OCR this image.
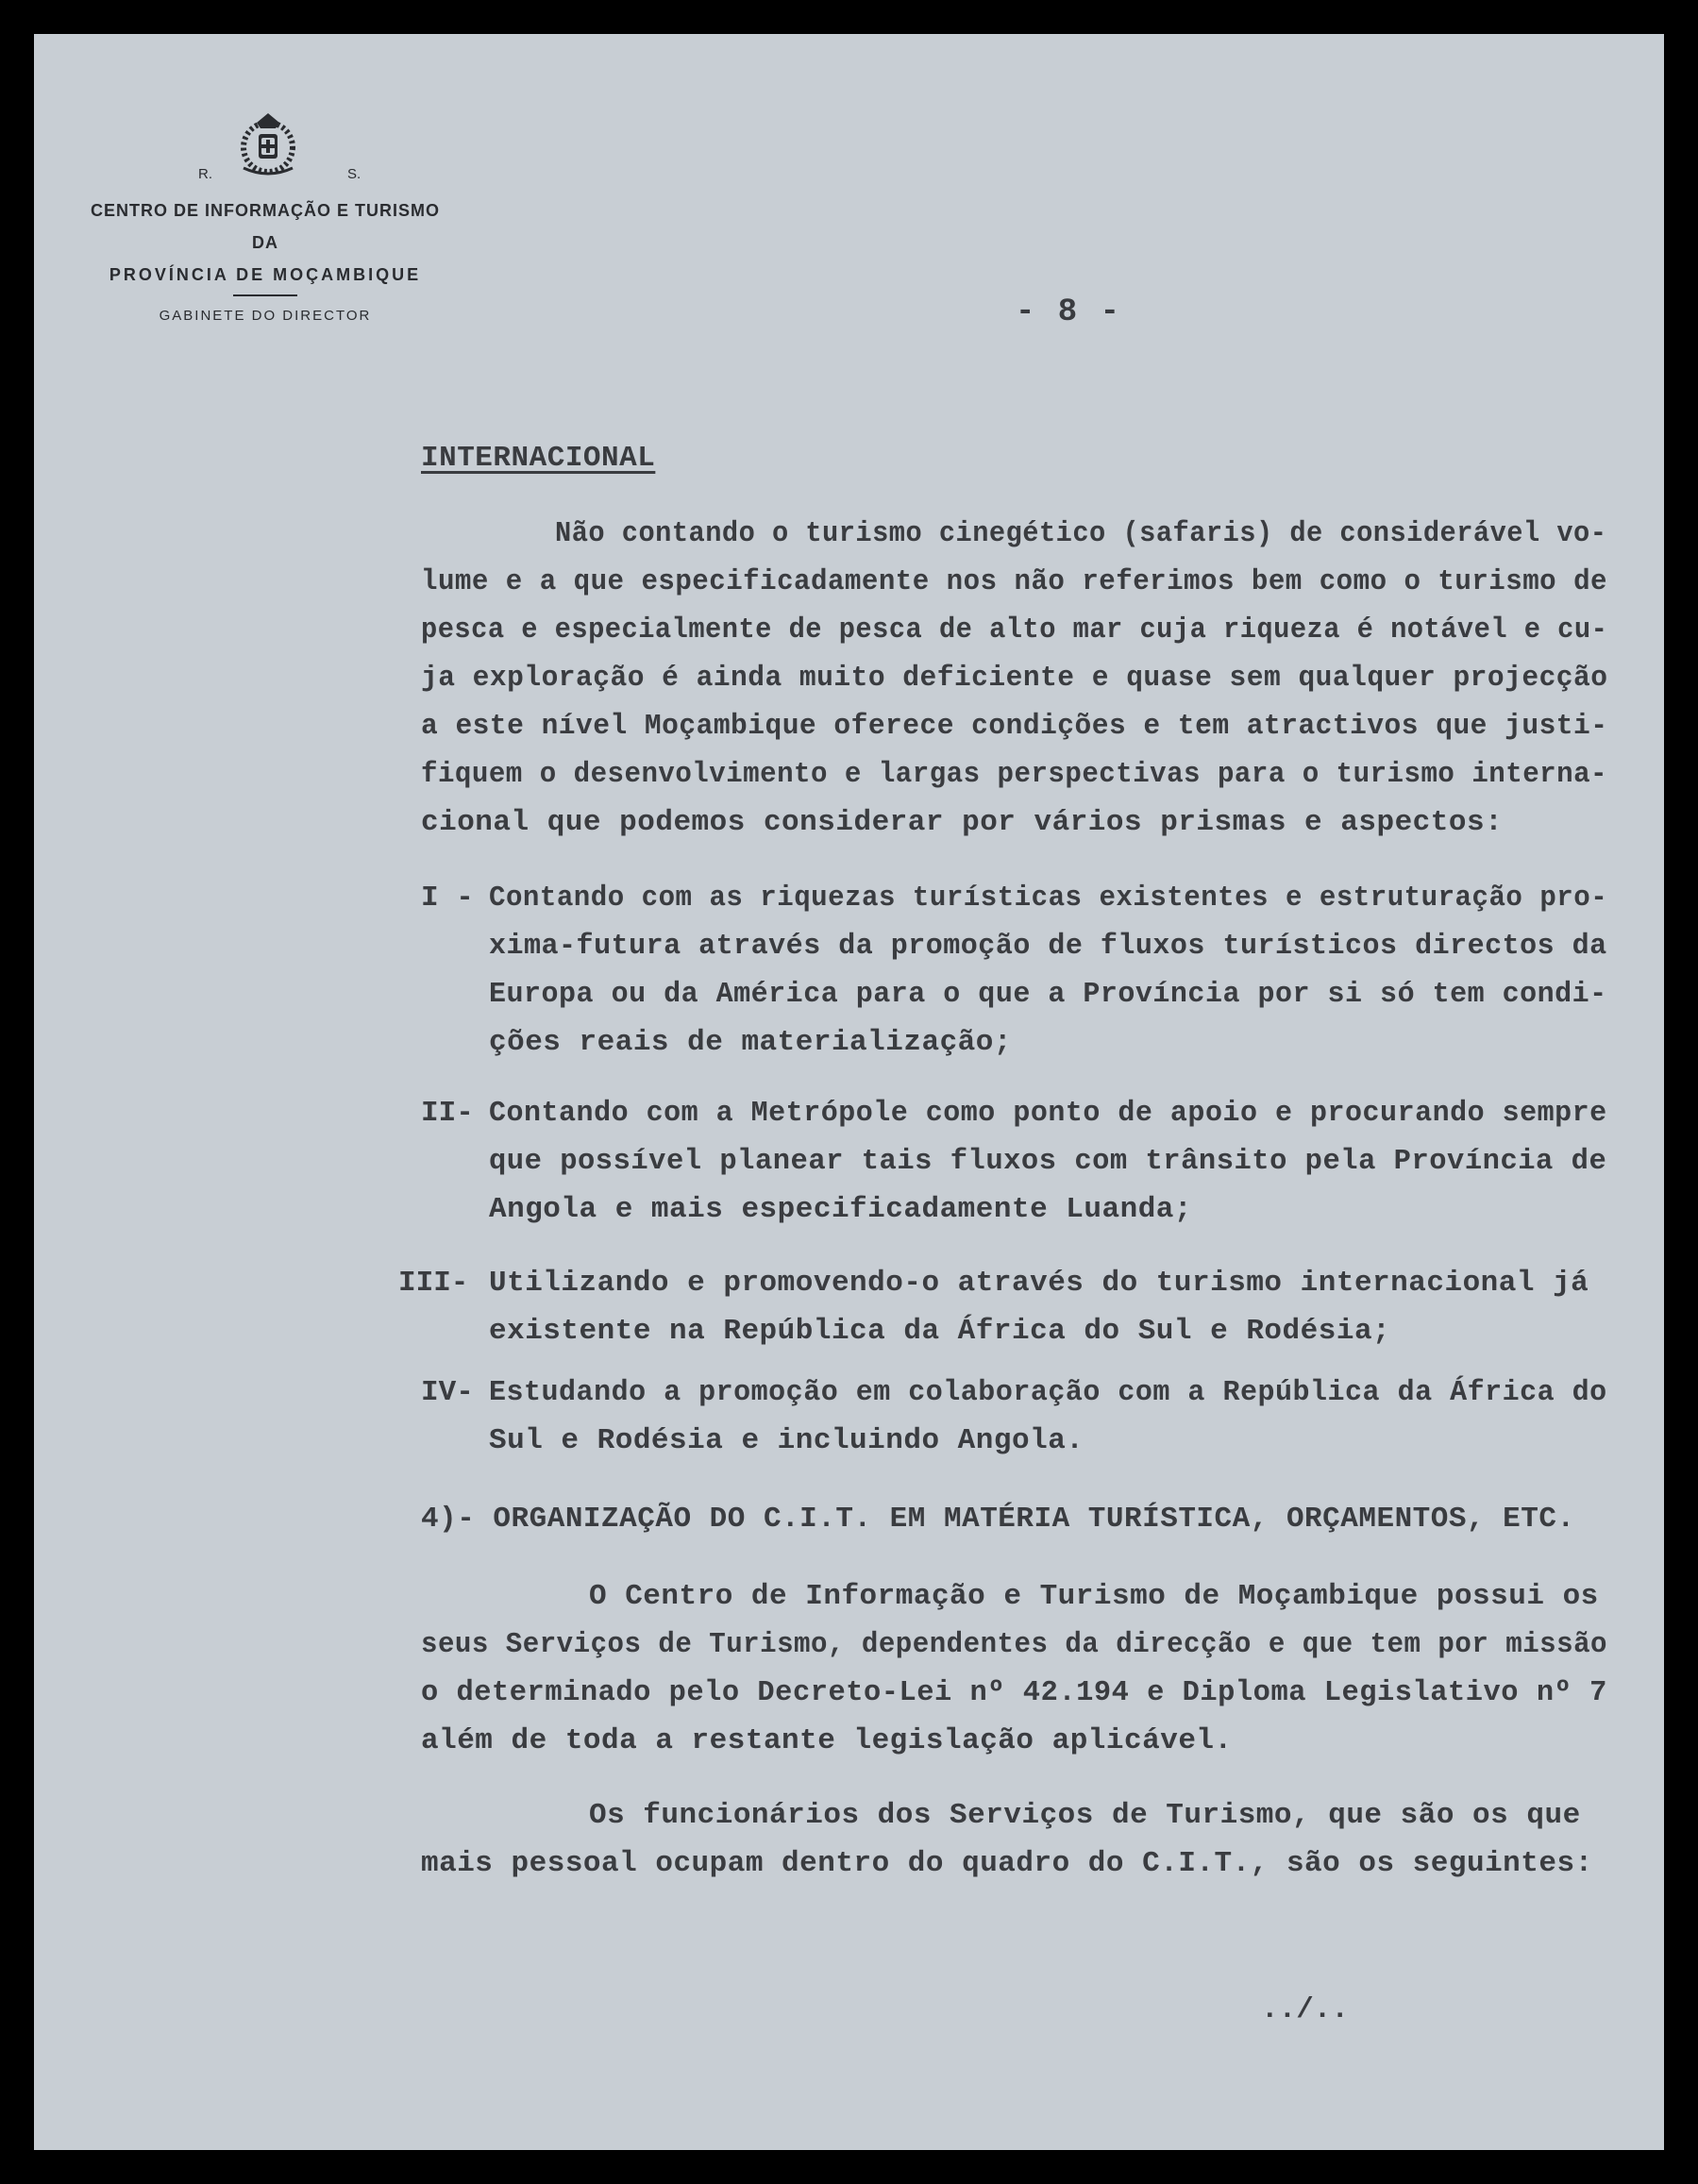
R.	S.
CENTRO DE INFORMAÇÃO E TURISMO
DA
PROVÍNCIA DE MOÇAMBIQUE
GABINETE DO DIRECTOR	- 8 -
INTERNACIONAL
Não contando o turismo cinegético (safaris) de considerável vo-
lume e a que especificadamente nos não referimos bem como o turismo de
pesca e especialmente de pesca de alto mar cuja riqueza é notável e cu-
ja exploração é ainda muito deficiente e quase sem qualquer projecção
a este nível Moçambique oferece condições e tem atractivos que justi-
fiquem o desenvolvimento e largas perspectivas para o turismo interna-
cional que podemos considerar por vários prismas e aspectos:
I - Contando com as riquezas turísticas existentes e estruturação pro-
xima-futura através da promoção de fluxos turísticos directos da
Europa ou da América para o que a Província por si só tem condi-
ções reais de materialização;
II- Contando com a Metrópole como ponto de apoio e procurando sempre
que possível planear tais fluxos com trânsito pela Província de
Angola e mais especificadamente Luanda;
III- Utilizando e promovendo-o através do turismo internacional já
existente na República da África do Sul e Rodésia;
IV- Estudando a promoção em colaboração com a República da África do
Sul e Rodésia e incluindo Angola.
4)- ORGANIZAÇÃO DO C.I.T. EM MATÉRIA TURÍSTICA, ORÇAMENTOS, ETC.
O Centro de Informação e Turismo de Moçambique possui os
seus Serviços de Turismo, dependentes da direcção e que tem por missão
o determinado pelo Decreto-Lei nº 42.194 e Diploma Legislativo nº 7
além de toda a restante legislação aplicável.
Os funcionários dos Serviços de Turismo, que são os que
mais pessoal ocupam dentro do quadro do C.I.T., são os seguintes:
../..
